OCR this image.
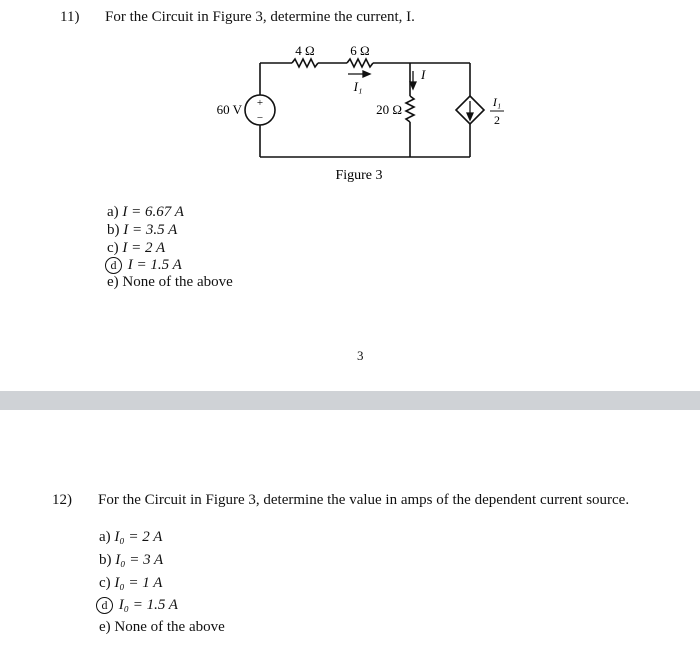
11) For the Circuit in Figure 3, determine the current, I.
4 Ω	6 Ω
I₁
I
20 Ω
60 V +
−
I₁
2
Figure 3
a) I = 6.67 A
b) I = 3.5 A
c) I = 2 A
d I = 1.5 A
e) None of the above
3
12) For the Circuit in Figure 3, determine the value in amps of the dependent current source.
a) I₀ = 2 A
b) I₀ = 3 A
c) I₀ = 1 A
d I₀ = 1.5 A
e) None of the above
